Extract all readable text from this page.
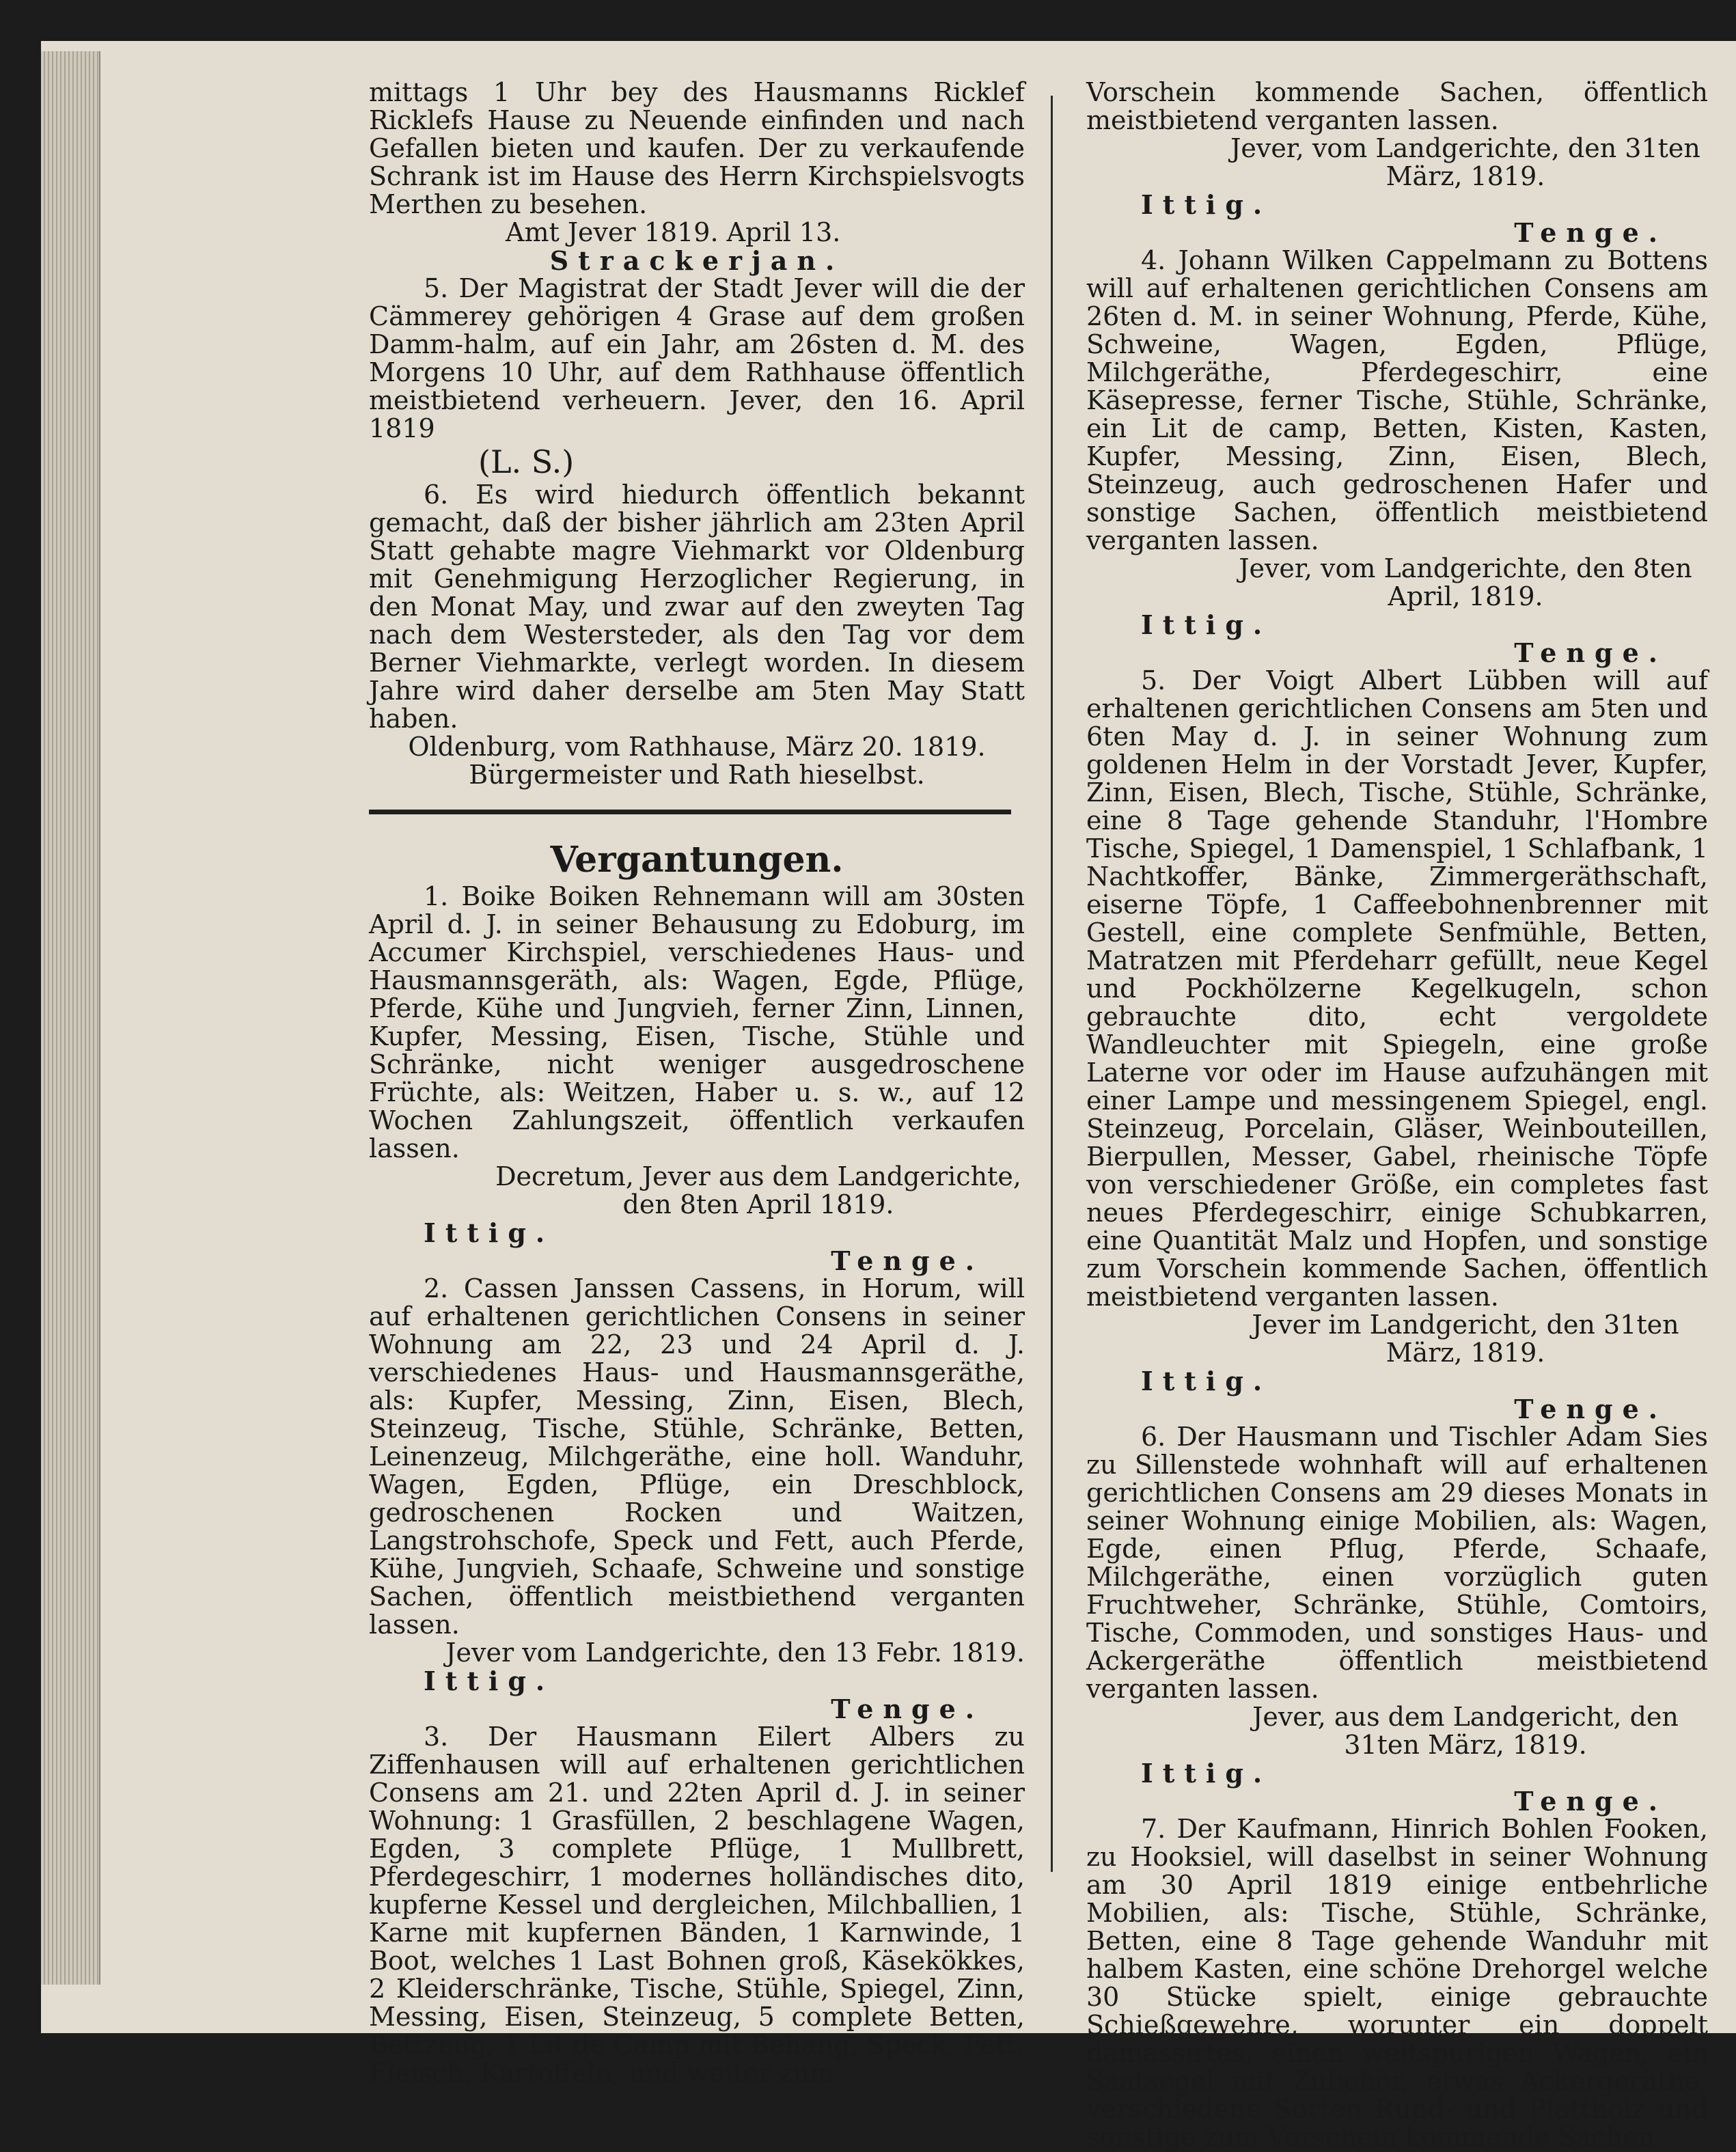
mittags 1 Uhr bey des Hausmanns Ricklef Ricklefs Hause zu Neuende einfinden und nach Gefallen bieten und kaufen. Der zu verkaufende Schrank ist im Hause des Herrn Kirchspielsvogts Merthen zu besehen.

Amt Jever 1819. April 13.

Strackerjan.

5. Der Magistrat der Stadt Jever will die der Cämmerey gehörigen 4 Grase auf dem großen Damm-halm, auf ein Jahr, am 26sten d. M. des Morgens 10 Uhr, auf dem Rathhause öffentlich meistbietend verheuern. Jever, den 16. April 1819

(L. S.)

6. Es wird hiedurch öffentlich bekannt gemacht, daß der bisher jährlich am 23ten April Statt gehabte magre Viehmarkt vor Oldenburg mit Genehmigung Herzoglicher Regierung, in den Monat May, und zwar auf den zweyten Tag nach dem Westersteder, als den Tag vor dem Berner Viehmarkte, verlegt worden. In diesem Jahre wird daher derselbe am 5ten May Statt haben.

Oldenburg, vom Rathhause, März 20. 1819.

Bürgermeister und Rath hieselbst.

Vergantungen.

1. Boike Boiken Rehnemann will am 30sten April d. J. in seiner Behausung zu Edoburg, im Accumer Kirchspiel, verschiedenes Haus- und Hausmannsgeräth, als: Wagen, Egde, Pflüge, Pferde, Kühe und Jungvieh, ferner Zinn, Linnen, Kupfer, Messing, Eisen, Tische, Stühle und Schränke, nicht weniger ausgedroschene Früchte, als: Weitzen, Haber u. s. w., auf 12 Wochen Zahlungszeit, öffentlich verkaufen lassen.

Decretum, Jever aus dem Landgerichte, den 8ten April 1819.

Ittig.

Tenge.

2. Cassen Janssen Cassens, in Horum, will auf erhaltenen gerichtlichen Consens in seiner Wohnung am 22, 23 und 24 April d. J. verschiedenes Haus- und Hausmannsgeräthe, als: Kupfer, Messing, Zinn, Eisen, Blech, Steinzeug, Tische, Stühle, Schränke, Betten, Leinenzeug, Milchgeräthe, eine holl. Wanduhr, Wagen, Egden, Pflüge, ein Dreschblock, gedroschenen Rocken und Waitzen, Langstrohschofe, Speck und Fett, auch Pferde, Kühe, Jungvieh, Schaafe, Schweine und sonstige Sachen, öffentlich meistbiethend verganten lassen.

Jever vom Landgerichte, den 13 Febr. 1819.

Ittig.

Tenge.

3. Der Hausmann Eilert Albers zu Ziffenhausen will auf erhaltenen gerichtlichen Consens am 21. und 22ten April d. J. in seiner Wohnung: 1 Grasfüllen, 2 beschlagene Wagen, Egden, 3 complete Pflüge, 1 Mullbrett, Pferdegeschirr, 1 modernes holländisches dito, kupferne Kessel und dergleichen, Milchballien, 1 Karne mit kupfernen Bänden, 1 Karnwinde, 1 Boot, welches 1 Last Bohnen groß, Käsekökkes, 2 Kleiderschränke, Tische, Stühle, Spiegel, Zinn, Messing, Eisen, Steinzeug, 5 complete Betten, Bettzeug, 1 Lit de Camp mit Behang, Speck, Fett, Fleisch, Kartoffeln, und weiter zum

Vorschein kommende Sachen, öffentlich meistbietend verganten lassen.

Jever, vom Landgerichte, den 31ten März, 1819.

Ittig.

Tenge.

4. Johann Wilken Cappelmann zu Bottens will auf erhaltenen gerichtlichen Consens am 26ten d. M. in seiner Wohnung, Pferde, Kühe, Schweine, Wagen, Egden, Pflüge, Milchgeräthe, Pferdegeschirr, eine Käsepresse, ferner Tische, Stühle, Schränke, ein Lit de camp, Betten, Kisten, Kasten, Kupfer, Messing, Zinn, Eisen, Blech, Steinzeug, auch gedroschenen Hafer und sonstige Sachen, öffentlich meistbietend verganten lassen.

Jever, vom Landgerichte, den 8ten April, 1819.

Ittig.

Tenge.

5. Der Voigt Albert Lübben will auf erhaltenen gerichtlichen Consens am 5ten und 6ten May d. J. in seiner Wohnung zum goldenen Helm in der Vorstadt Jever, Kupfer, Zinn, Eisen, Blech, Tische, Stühle, Schränke, eine 8 Tage gehende Standuhr, l'Hombre Tische, Spiegel, 1 Damenspiel, 1 Schlafbank, 1 Nachtkoffer, Bänke, Zimmergeräthschaft, eiserne Töpfe, 1 Caffeebohnenbrenner mit Gestell, eine complete Senfmühle, Betten, Matratzen mit Pferdeharr gefüllt, neue Kegel und Pockhölzerne Kegelkugeln, schon gebrauchte dito, echt vergoldete Wandleuchter mit Spiegeln, eine große Laterne vor oder im Hause aufzuhängen mit einer Lampe und messingenem Spiegel, engl. Steinzeug, Porcelain, Gläser, Weinbouteillen, Bierpullen, Messer, Gabel, rheinische Töpfe von verschiedener Größe, ein completes fast neues Pferdegeschirr, einige Schubkarren, eine Quantität Malz und Hopfen, und sonstige zum Vorschein kommende Sachen, öffentlich meistbietend verganten lassen.

Jever im Landgericht, den 31ten März, 1819.

Ittig.

Tenge.

6. Der Hausmann und Tischler Adam Sies zu Sillenstede wohnhaft will auf erhaltenen gerichtlichen Consens am 29 dieses Monats in seiner Wohnung einige Mobilien, als: Wagen, Egde, einen Pflug, Pferde, Schaafe, Milchgeräthe, einen vorzüglich guten Fruchtweher, Schränke, Stühle, Comtoirs, Tische, Commoden, und sonstiges Haus- und Ackergeräthe öffentlich meistbietend verganten lassen.

Jever, aus dem Landgericht, den 31ten März, 1819.

Ittig.

Tenge.

7. Der Kaufmann, Hinrich Bohlen Fooken, zu Hooksiel, will daselbst in seiner Wohnung am 30 April 1819 einige entbehrliche Mobilien, als: Tische, Stühle, Schränke, Betten, eine 8 Tage gehende Wanduhr mit halbem Kasten, eine schöne Drehorgel welche 30 Stücke spielt, einige gebrauchte Schießgewehre, worunter ein doppelt damassirtes, einen weitspurigen Wagen, ein Saatsegel mit Zubehör, etwas Ackergeräthe, verschiedene Sorten Rund- und Plattholz und sonstige zum Vorschein kommende Sachen
